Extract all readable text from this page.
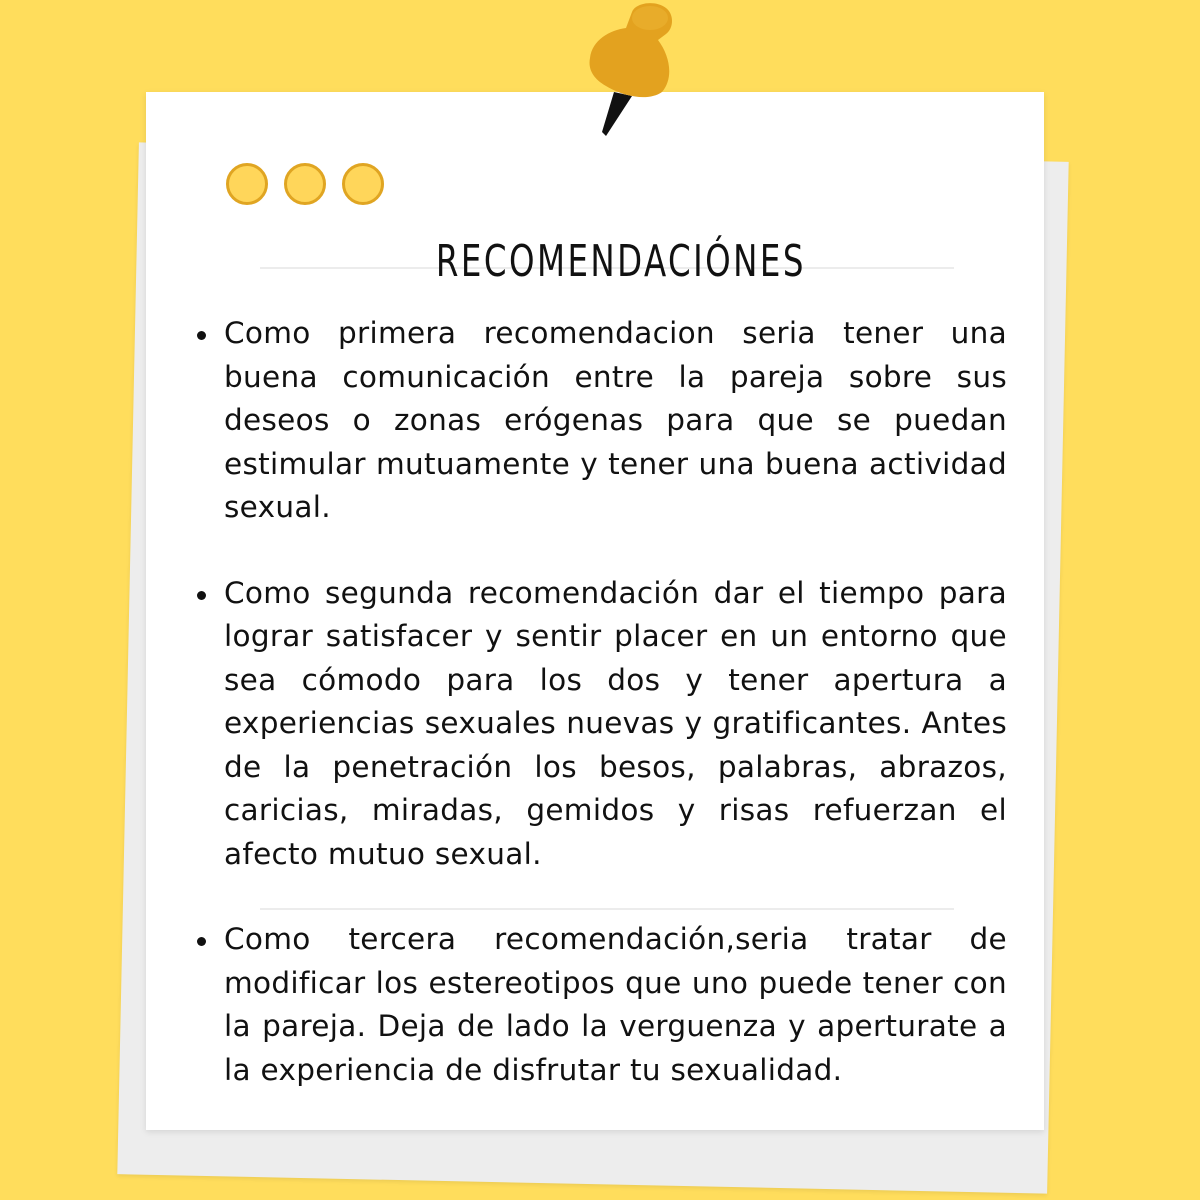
RECOMENDACIÓNES
Como primera recomendacion seria tener una buena comunicación entre la pareja sobre sus deseos o zonas erógenas para que se puedan estimular mutuamente y tener una buena actividad sexual.
Como segunda recomendación dar el tiempo para lograr satisfacer y sentir placer en un entorno que sea cómodo para los dos y tener apertura a experiencias sexuales nuevas y gratificantes. Antes de la penetración los besos, palabras, abrazos, caricias, miradas, gemidos y risas refuerzan el afecto mutuo sexual.
Como tercera recomendación,seria tratar de modificar los estereotipos que uno puede tener con la pareja. Deja de lado la verguenza y aperturate a la experiencia de disfrutar tu sexualidad.
